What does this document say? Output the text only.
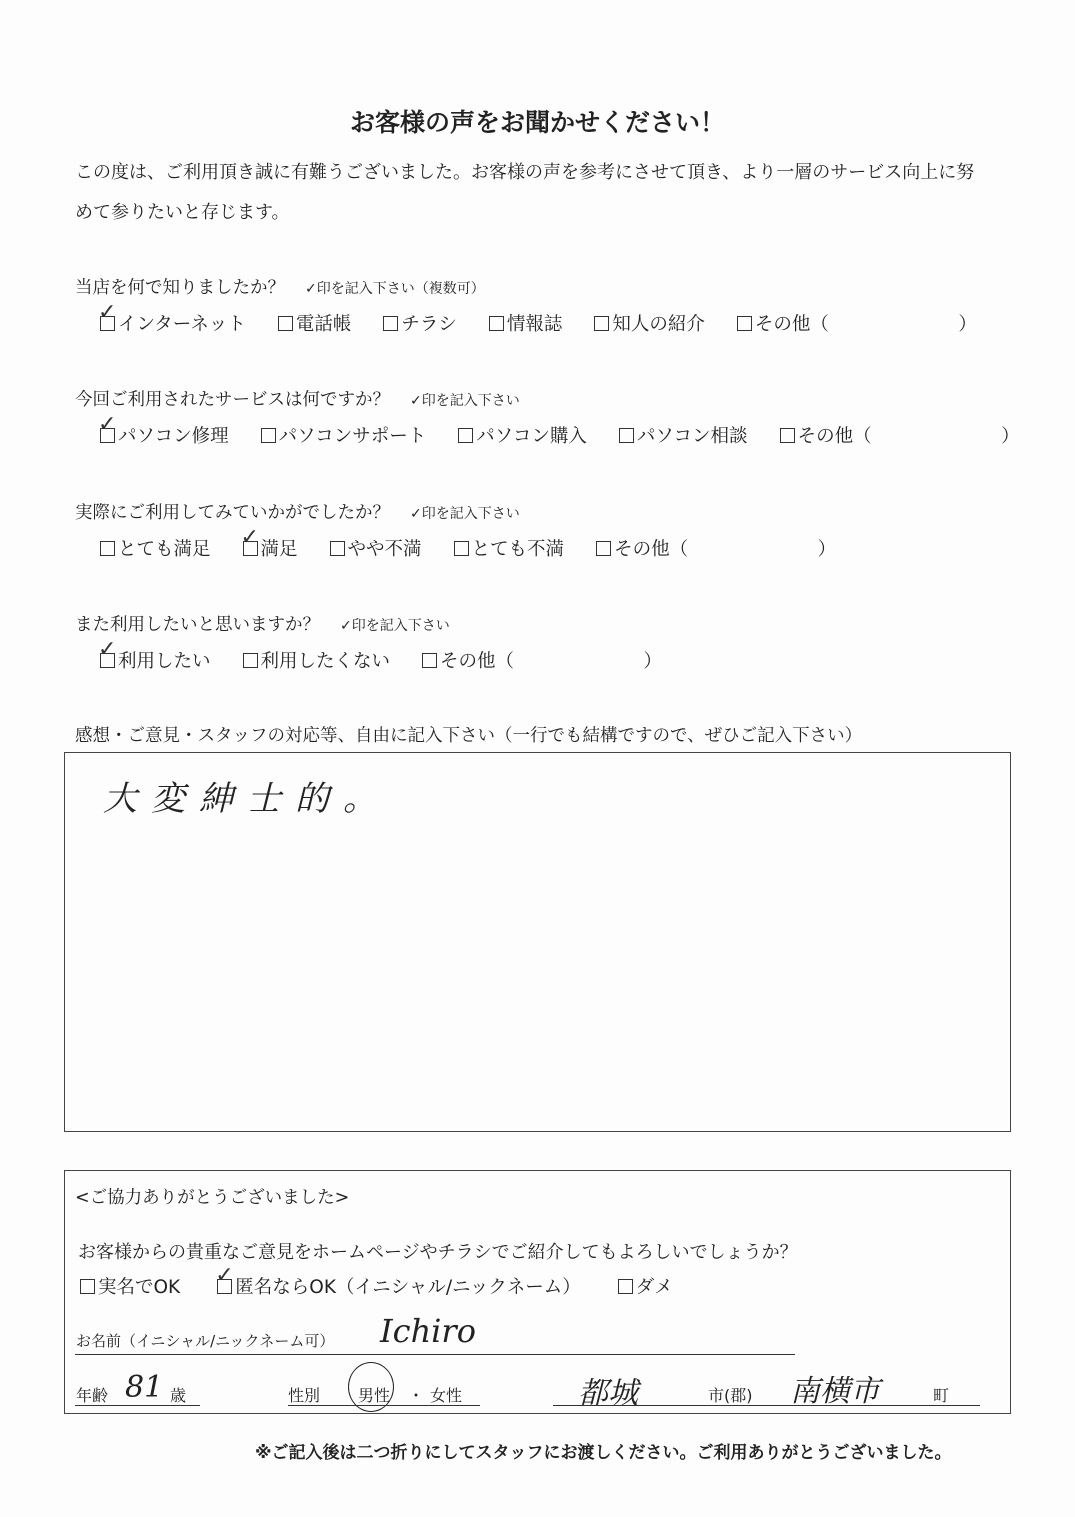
お客様の声をお聞かせください！
この度は、ご利用頂き誠に有難うございました。お客様の声を参考にさせて頂き、より一層のサービス向上に努
めて参りたいと存じます。
当店を何で知りましたか？ ✓印を記入下さい（複数可）
✓ インターネット	電話帳	チラシ	情報誌	知人の紹介	その他（　　　　　　　）
今回ご利用されたサービスは何ですか？ ✓印を記入下さい
✓ パソコン修理	パソコンサポート	パソコン購入	パソコン相談	その他（　　　　　　　）
実際にご利用してみていかがでしたか？ ✓印を記入下さい
とても満足 ✓ 満足	やや不満	とても不満	その他（　　　　　　　）
また利用したいと思いますか？ ✓印を記入下さい
✓ 利用したい	利用したくない	その他（　　　　　　　）
感想・ご意見・スタッフの対応等、自由に記入下さい（一行でも結構ですので、ぜひご記入下さい）
大変紳士的。
<ご協力ありがとうございました>
お客様からの貴重なご意見をホームページやチラシでご紹介してもよろしいでしょうか？
実名でOK ✓ 匿名ならOK（イニシャル/ニックネーム）	ダメ
お名前（イニシャル/ニックネーム可） Ichiro
年齢 81 歳	性別 男性 ・ 女性	都城	市(郡) 南横市	町
※ご記入後は二つ折りにしてスタッフにお渡しください。ご利用ありがとうございました。
